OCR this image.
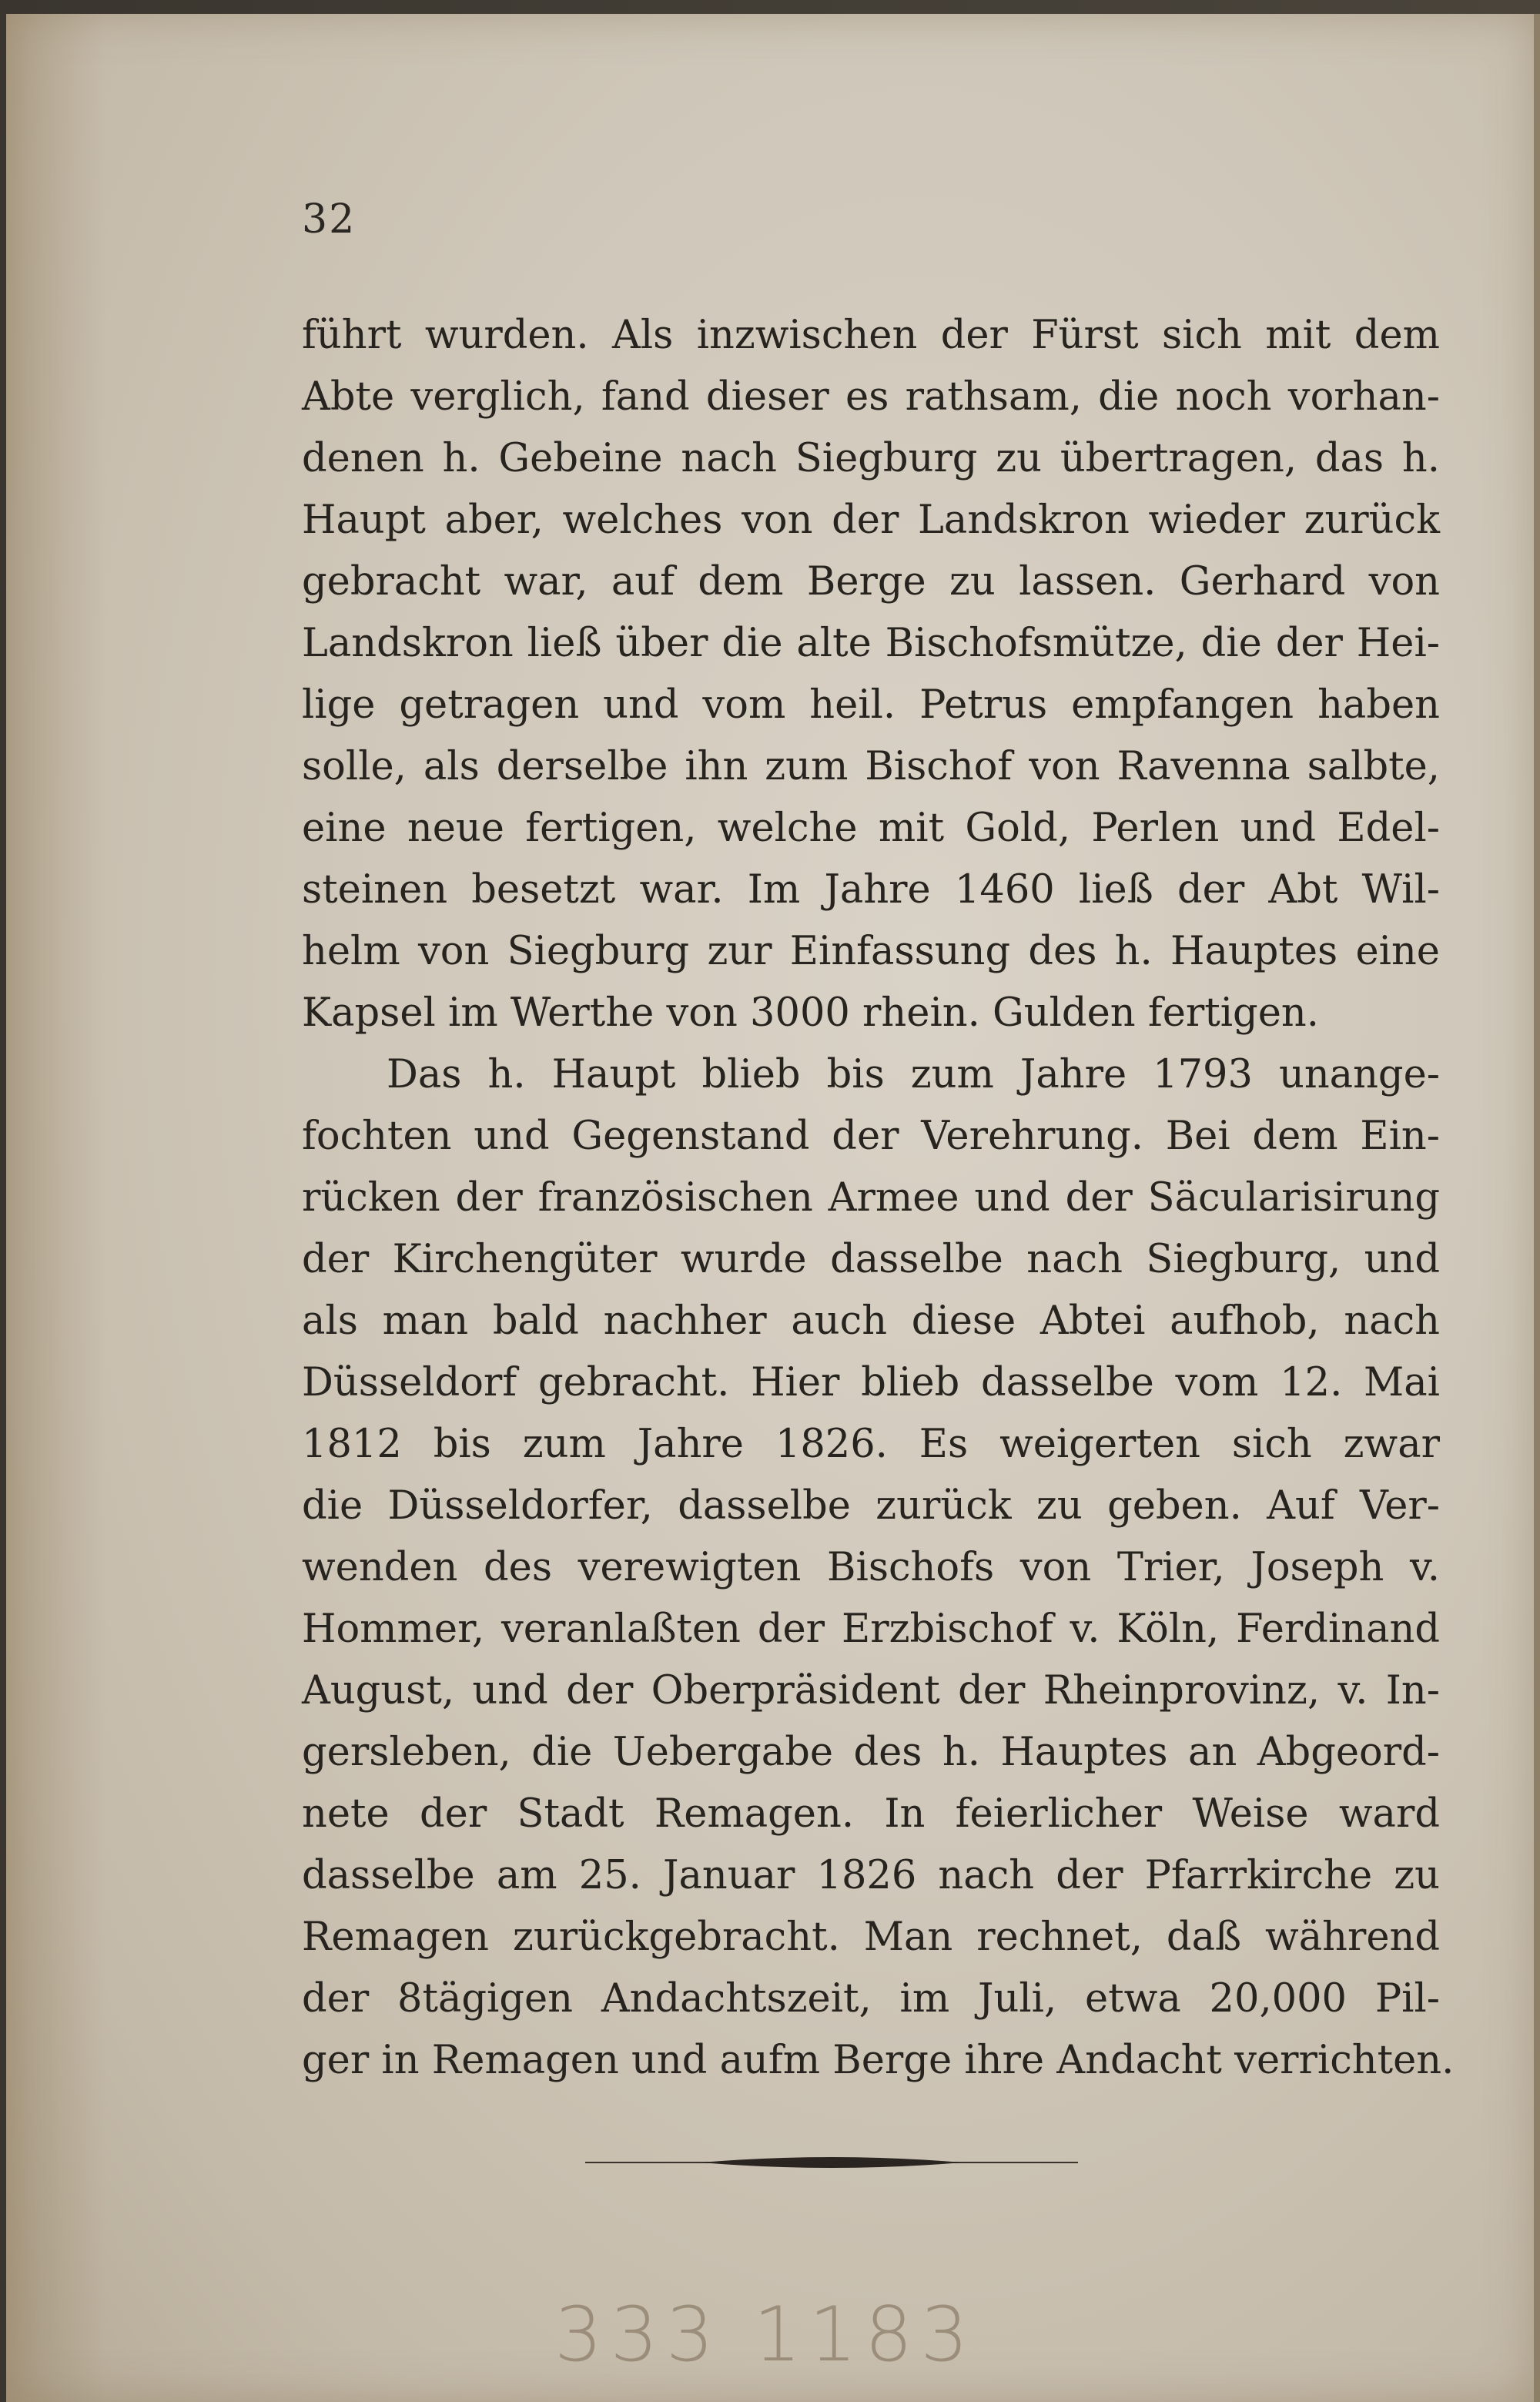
32
führt wurden. Als inzwischen der Fürst sich mit dem
Abte verglich, fand dieser es rathsam, die noch vorhan-
denen h. Gebeine nach Siegburg zu übertragen, das h.
Haupt aber, welches von der Landskron wieder zurück
gebracht war, auf dem Berge zu lassen. Gerhard von
Landskron ließ über die alte Bischofsmütze, die der Hei-
lige getragen und vom heil. Petrus empfangen haben
solle, als derselbe ihn zum Bischof von Ravenna salbte,
eine neue fertigen, welche mit Gold, Perlen und Edel-
steinen besetzt war. Im Jahre 1460 ließ der Abt Wil-
helm von Siegburg zur Einfassung des h. Hauptes eine
Kapsel im Werthe von 3000 rhein. Gulden fertigen.
Das h. Haupt blieb bis zum Jahre 1793 unange-
fochten und Gegenstand der Verehrung. Bei dem Ein-
rücken der französischen Armee und der Säcularisirung
der Kirchengüter wurde dasselbe nach Siegburg, und
als man bald nachher auch diese Abtei aufhob, nach
Düsseldorf gebracht. Hier blieb dasselbe vom 12. Mai
1812 bis zum Jahre 1826. Es weigerten sich zwar
die Düsseldorfer, dasselbe zurück zu geben. Auf Ver-
wenden des verewigten Bischofs von Trier, Joseph v.
Hommer, veranlaßten der Erzbischof v. Köln, Ferdinand
August, und der Oberpräsident der Rheinprovinz, v. In-
gersleben, die Uebergabe des h. Hauptes an Abgeord-
nete der Stadt Remagen. In feierlicher Weise ward
dasselbe am 25. Januar 1826 nach der Pfarrkirche zu
Remagen zurückgebracht. Man rechnet, daß während
der 8tägigen Andachtszeit, im Juli, etwa 20,000 Pil-
ger in Remagen und aufm Berge ihre Andacht verrichten.
333 1183
